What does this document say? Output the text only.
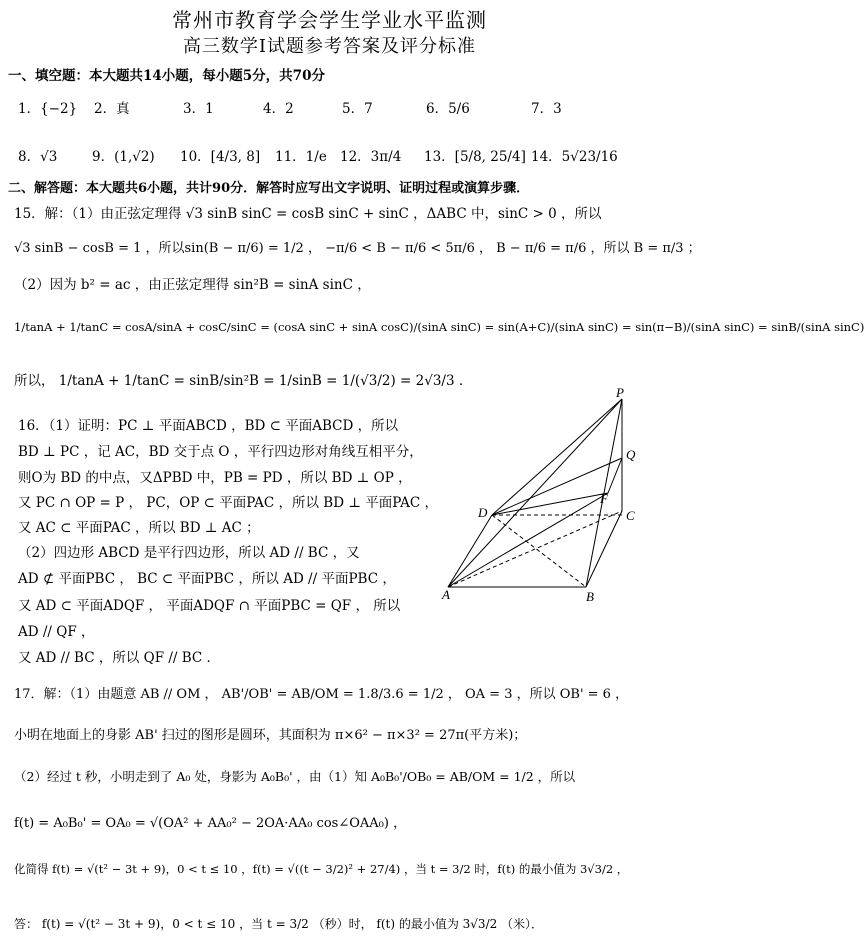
常州市教育学会学生学业水平监测
高三数学Ⅰ试题参考答案及评分标准
一、填空题：本大题共14小题，每小题5分，共70分
1．{−2} 2．真	3．1	4．2	5．7	6．5/6	7．3
8．√3	9．(1,√2) 10．[4/3, 8] 11．1/e 12．3π/4 13．[5/8, 25/4] 14．5√23/16
二、解答题：本大题共6小题，共计90分．解答时应写出文字说明、证明过程或演算步骤．
15．解：（1）由正弦定理得 √3 sinB sinC = cosB sinC + sinC ，ΔABC 中，sinC > 0 ，所以
√3 sinB − cosB = 1 ，所以sin(B − π/6) = 1/2 ， −π/6 < B − π/6 < 5π/6 ， B − π/6 = π/6 ，所以 B = π/3 ；
（2）因为 b² = ac ，由正弦定理得 sin²B = sinA sinC ，
1/tanA + 1/tanC = cosA/sinA + cosC/sinC = (cosA sinC + sinA cosC)/(sinA sinC) = sin(A+C)/(sinA sinC) = sin(π−B)/(sinA sinC) = sinB/(sinA sinC)
所以， 1/tanA + 1/tanC = sinB/sin²B = 1/sinB = 1/(√3/2) = 2√3/3 ．
16．（1）证明：PC ⊥ 平面ABCD ，BD ⊂ 平面ABCD ，所以
BD ⊥ PC ，记 AC，BD 交于点 O ，平行四边形对角线互相平分，
则O为 BD 的中点，又ΔPBD 中，PB = PD ，所以 BD ⊥ OP ，
又 PC ∩ OP = P ， PC，OP ⊂ 平面PAC ，所以 BD ⊥ 平面PAC ，
又 AC ⊂ 平面PAC ，所以 BD ⊥ AC ；
（2）四边形 ABCD 是平行四边形，所以 AD // BC ，又
AD ⊄ 平面PBC ， BC ⊂ 平面PBC ，所以 AD // 平面PBC ，
又 AD ⊂ 平面ADQF ， 平面ADQF ∩ 平面PBC = QF ， 所以
AD // QF ，
又 AD // BC ，所以 QF // BC ．
P
Q
F
D	C
A	B
17．解：（1）由题意 AB // OM ， AB'/OB' = AB/OM = 1.8/3.6 = 1/2 ， OA = 3 ，所以 OB' = 6 ，
小明在地面上的身影 AB' 扫过的图形是圆环，其面积为 π×6² − π×3² = 27π(平方米)；
（2）经过 t 秒，小明走到了 A₀ 处，身影为 A₀B₀' ，由（1）知 A₀B₀'/OB₀ = AB/OM = 1/2 ，所以
f(t) = A₀B₀' = OA₀ = √(OA² + AA₀² − 2OA·AA₀ cos∠OAA₀) ，
化简得 f(t) = √(t² − 3t + 9)，0 < t ≤ 10 ，f(t) = √((t − 3/2)² + 27/4) ，当 t = 3/2 时，f(t) 的最小值为 3√3/2 ，
答： f(t) = √(t² − 3t + 9)，0 < t ≤ 10 ，当 t = 3/2 （秒）时， f(t) 的最小值为 3√3/2 （米）．
